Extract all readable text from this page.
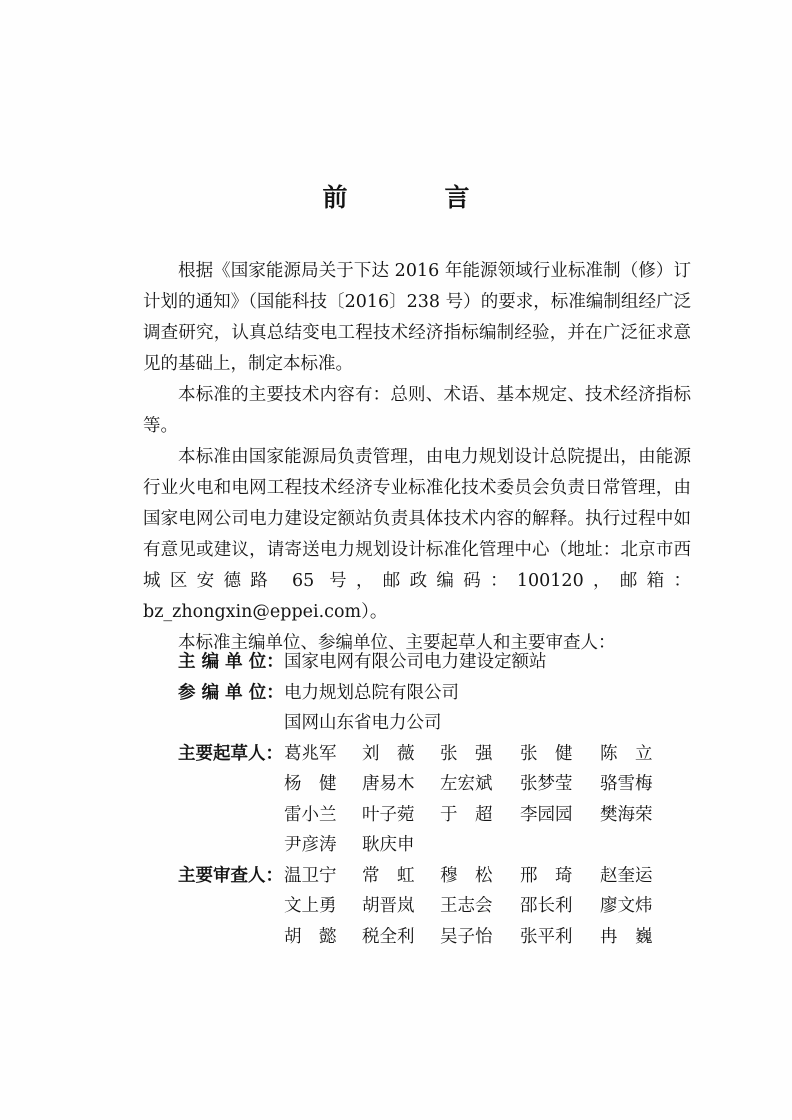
前　言

根据《国家能源局关于下达 2016 年能源领域行业标准制（修）订计划的通知》（国能科技〔2016〕238 号）的要求，标准编制组经广泛调查研究，认真总结变电工程技术经济指标编制经验，并在广泛征求意见的基础上，制定本标准。

本标准的主要技术内容有：总则、术语、基本规定、技术经济指标等。

本标准由国家能源局负责管理，由电力规划设计总院提出，由能源行业火电和电网工程技术经济专业标准化技术委员会负责日常管理，由国家电网公司电力建设定额站负责具体技术内容的解释。执行过程中如有意见或建议，请寄送电力规划设计标准化管理中心（地址：北京市西城区安德路 65 号，邮政编码：100120，邮箱：bz_zhongxin@eppei.com）。

本标准主编单位、参编单位、主要起草人和主要审查人：

主 编 单 位： 国家电网有限公司电力建设定额站
参 编 单 位： 电力规划总院有限公司
国网山东省电力公司
主要起草人： 葛兆军	刘　薇	张　强	张　健	陈　立
杨　健	唐易木	左宏斌	张梦莹	骆雪梅
雷小兰	叶子菀	于　超	李园园	樊海荣
尹彦涛	耿庆申
主要审查人： 温卫宁	常　虹	穆　松	邢　琦	赵奎运
文上勇	胡晋岚	王志会	邵长利	廖文炜
胡　懿	税全利	吴子怡	张平利	冉　巍
